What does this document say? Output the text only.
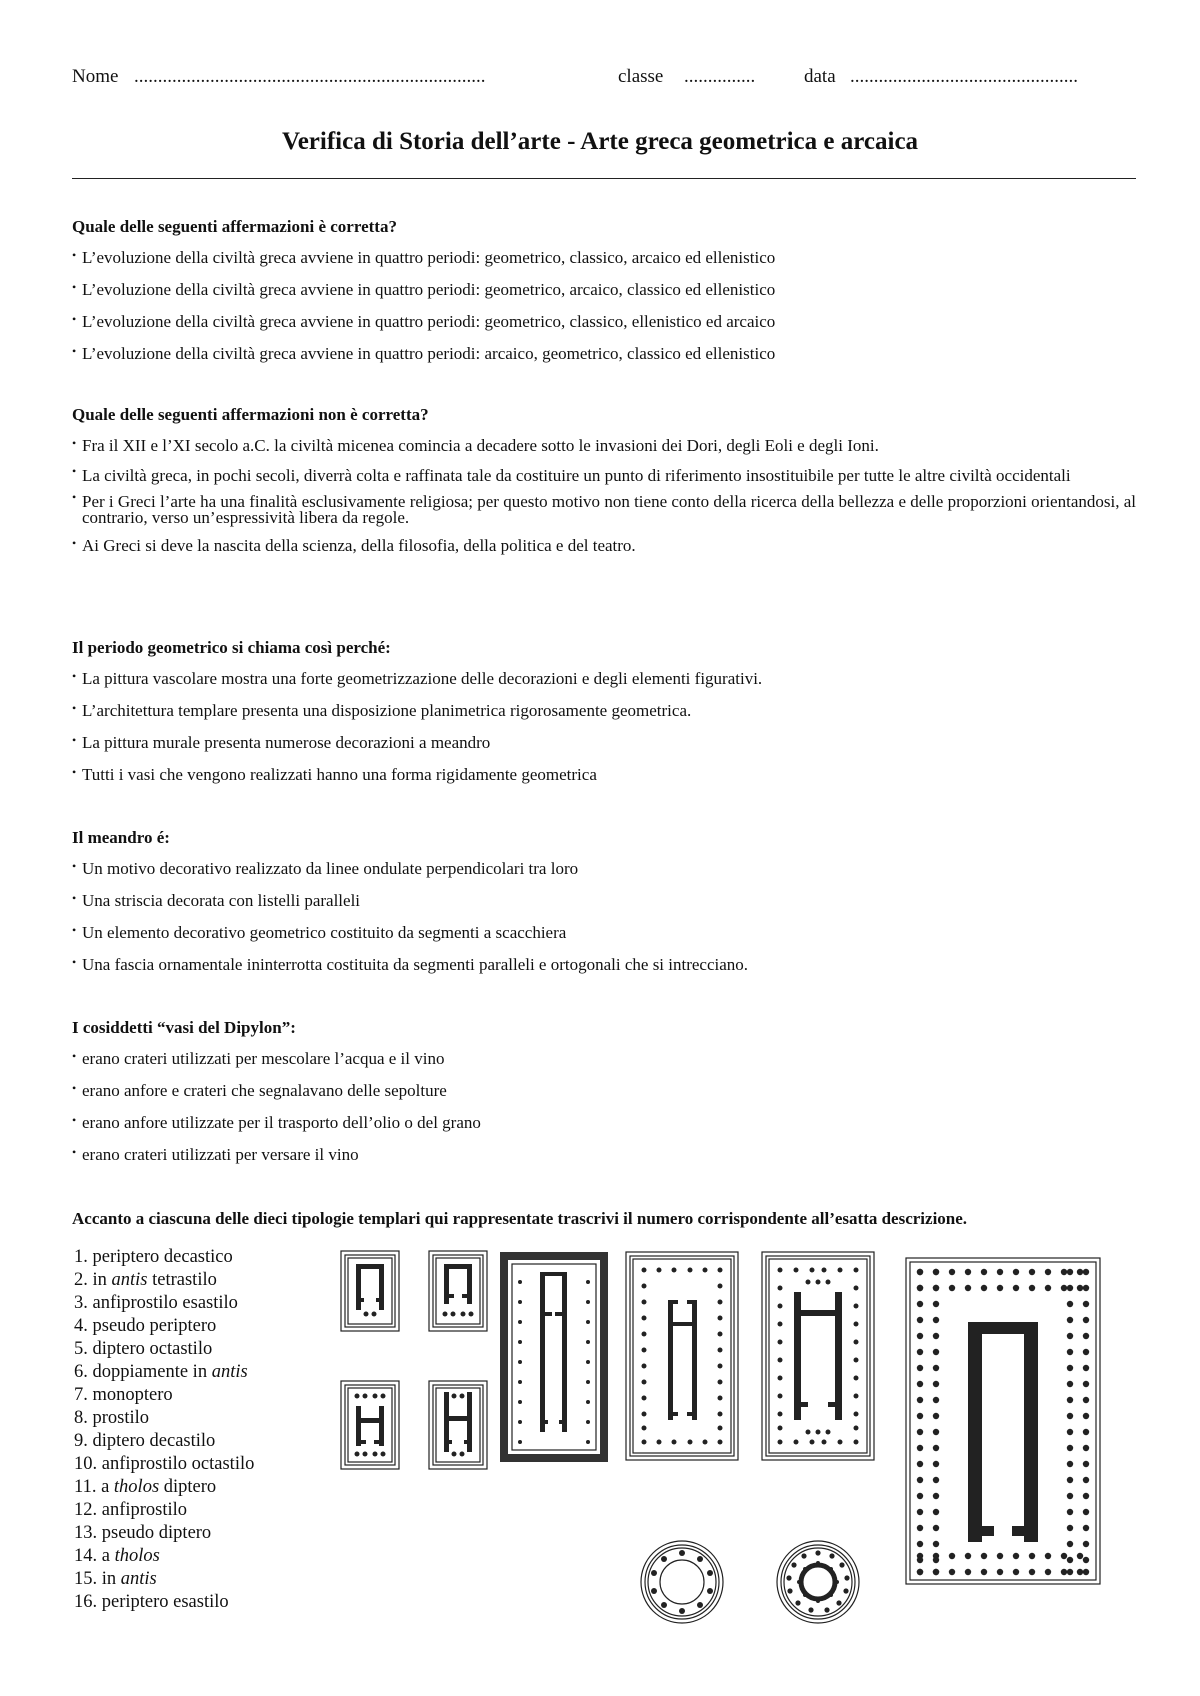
Nome ..........................................................................	classe ...............	data ................................................
Verifica di Storia dell’arte - Arte greca geometrica e arcaica
Quale delle seguenti affermazioni è corretta?
• L’evoluzione della civiltà greca avviene in quattro periodi: geometrico, classico, arcaico ed ellenistico
• L’evoluzione della civiltà greca avviene in quattro periodi: geometrico, arcaico, classico ed ellenistico
• L’evoluzione della civiltà greca avviene in quattro periodi: geometrico, classico, ellenistico ed arcaico
• L’evoluzione della civiltà greca avviene in quattro periodi: arcaico, geometrico, classico ed ellenistico
Quale delle seguenti affermazioni non è corretta?
• Fra il XII e l’XI secolo a.C. la civiltà micenea comincia a decadere sotto le invasioni dei Dori, degli Eoli e degli Ioni.
• La civiltà greca, in pochi secoli, diverrà colta e raffinata tale da costituire un punto di riferimento insostituibile per tutte le altre civiltà occidentali
• Per i Greci l’arte ha una finalità esclusivamente religiosa; per questo motivo non tiene conto della ricerca della bellezza e delle proporzioni orientandosi, al contrario, verso un’espressività libera da regole.
• Ai Greci si deve la nascita della scienza, della filosofia, della politica e del teatro.
Il periodo geometrico si chiama così perché:
• La pittura vascolare mostra una forte geometrizzazione delle decorazioni e degli elementi figurativi.
• L’architettura templare presenta una disposizione planimetrica rigorosamente geometrica.
• La pittura murale presenta numerose decorazioni a meandro
• Tutti i vasi che vengono realizzati hanno una forma rigidamente geometrica
Il meandro é:
• Un motivo decorativo realizzato da linee ondulate perpendicolari tra loro
• Una striscia decorata con listelli paralleli
• Un elemento decorativo geometrico costituito da segmenti a scacchiera
• Una fascia ornamentale ininterrotta costituita da segmenti paralleli e ortogonali che si intrecciano.
I cosiddetti “vasi del Dipylon”:
• erano crateri utilizzati per mescolare l’acqua e il vino
• erano anfore e crateri che segnalavano delle sepolture
• erano anfore utilizzate per il trasporto dell’olio o del grano
• erano crateri utilizzati per versare il vino
Accanto a ciascuna delle dieci tipologie templari qui rappresentate trascrivi il numero corrispondente all’esatta descrizione.
1. periptero decastico
2. in antis tetrastilo
3. anfiprostilo esastilo
4. pseudo periptero
5. diptero octastilo
6. doppiamente in antis
7. monoptero
8. prostilo
9. diptero decastilo
10. anfiprostilo octastilo
11. a tholos diptero
12. anfiprostilo
13. pseudo diptero
14. a tholos
15. in antis
16. periptero esastilo
